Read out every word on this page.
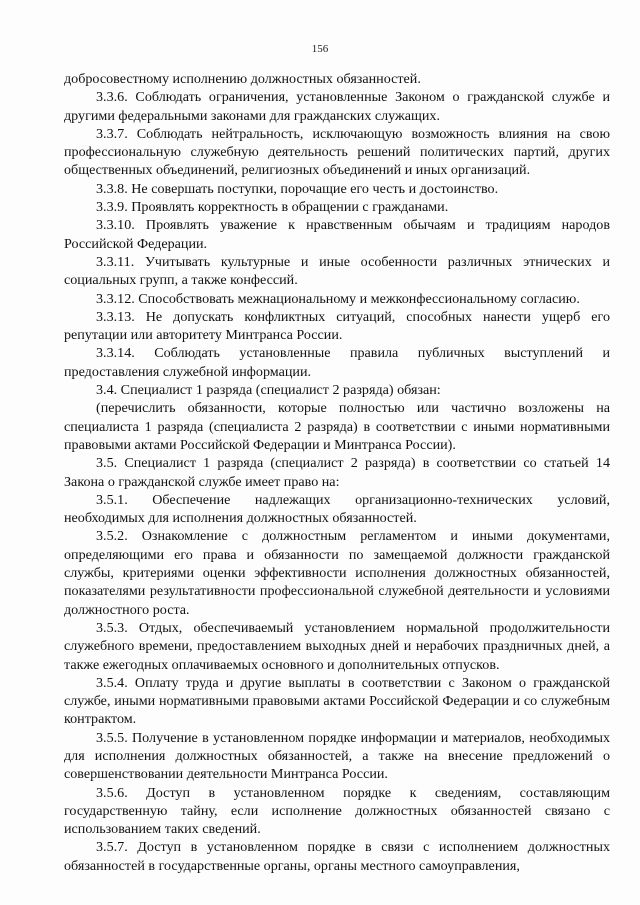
156

добросовестному исполнению должностных обязанностей.

3.3.6. Соблюдать ограничения, установленные Законом о гражданской службе и другими федеральными законами для гражданских служащих.

3.3.7. Соблюдать нейтральность, исключающую возможность влияния на свою профессиональную служебную деятельность решений политических партий, других общественных объединений, религиозных объединений и иных организаций.

3.3.8. Не совершать поступки, порочащие его честь и достоинство.

3.3.9. Проявлять корректность в обращении с гражданами.

3.3.10. Проявлять уважение к нравственным обычаям и традициям народов Российской Федерации.

3.3.11. Учитывать культурные и иные особенности различных этнических и социальных групп, а также конфессий.

3.3.12. Способствовать межнациональному и межконфессиональному согласию.

3.3.13. Не допускать конфликтных ситуаций, способных нанести ущерб его репутации или авторитету Минтранса России.

3.3.14. Соблюдать установленные правила публичных выступлений и предоставления служебной информации.

3.4. Специалист 1 разряда (специалист 2 разряда) обязан:

(перечислить обязанности, которые полностью или частично возложены на специалиста 1 разряда (специалиста 2 разряда) в соответствии с иными нормативными правовыми актами Российской Федерации и Минтранса России).

3.5. Специалист 1 разряда (специалист 2 разряда) в соответствии со статьей 14 Закона о гражданской службе имеет право на:

3.5.1. Обеспечение надлежащих организационно-технических условий, необходимых для исполнения должностных обязанностей.

3.5.2. Ознакомление с должностным регламентом и иными документами, определяющими его права и обязанности по замещаемой должности гражданской службы, критериями оценки эффективности исполнения должностных обязанностей, показателями результативности профессиональной служебной деятельности и условиями должностного роста.

3.5.3. Отдых, обеспечиваемый установлением нормальной продолжительности служебного времени, предоставлением выходных дней и нерабочих праздничных дней, а также ежегодных оплачиваемых основного и дополнительных отпусков.

3.5.4. Оплату труда и другие выплаты в соответствии с Законом о гражданской службе, иными нормативными правовыми актами Российской Федерации и со служебным контрактом.

3.5.5. Получение в установленном порядке информации и материалов, необходимых для исполнения должностных обязанностей, а также на внесение предложений о совершенствовании деятельности Минтранса России.

3.5.6. Доступ в установленном порядке к сведениям, составляющим государственную тайну, если исполнение должностных обязанностей связано с использованием таких сведений.

3.5.7. Доступ в установленном порядке в связи с исполнением должностных обязанностей в государственные органы, органы местного самоуправления,
